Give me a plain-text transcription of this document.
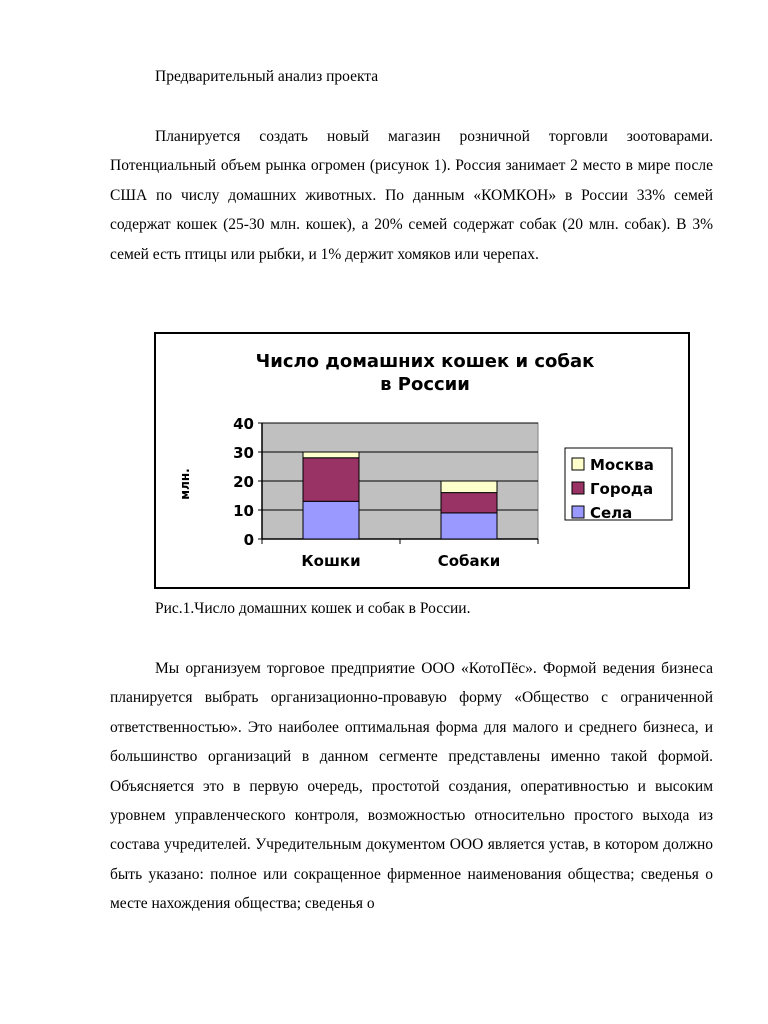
Предварительный анализ проекта

Планируется создать новый магазин розничной торговли зоотоварами. Потенциальный объем рынка огромен (рисунок 1). Россия занимает 2 место в мире после США по числу домашних животных. По данным «КОМКОН» в России 33% семей содержат кошек (25-30 млн. кошек), а 20% семей содержат собак (20 млн. собак). В 3% семей есть птицы или рыбки, и 1% держит хомяков или черепах.

Число домашних кошек и собак
в России
млн.
0
10
20
30
40
Кошки	Собаки
Москва
Города
Села
Рис.1.Число домашних кошек и собак в России.

Мы организуем торговое предприятие ООО «КотоПёс». Формой ведения бизнеса планируется выбрать организационно-провавую форму «Общество с ограниченной ответственностью». Это наиболее оптимальная форма для малого и среднего бизнеса, и большинство организаций в данном сегменте представлены именно такой формой. Объясняется это в первую очередь, простотой создания, оперативностью и высоким уровнем управленческого контроля, возможностью относительно простого выхода из состава учредителей. Учредительным документом ООО является устав, в котором должно быть указано: полное или сокращенное фирменное наименования общества; сведенья о месте нахождения общества; сведенья о
